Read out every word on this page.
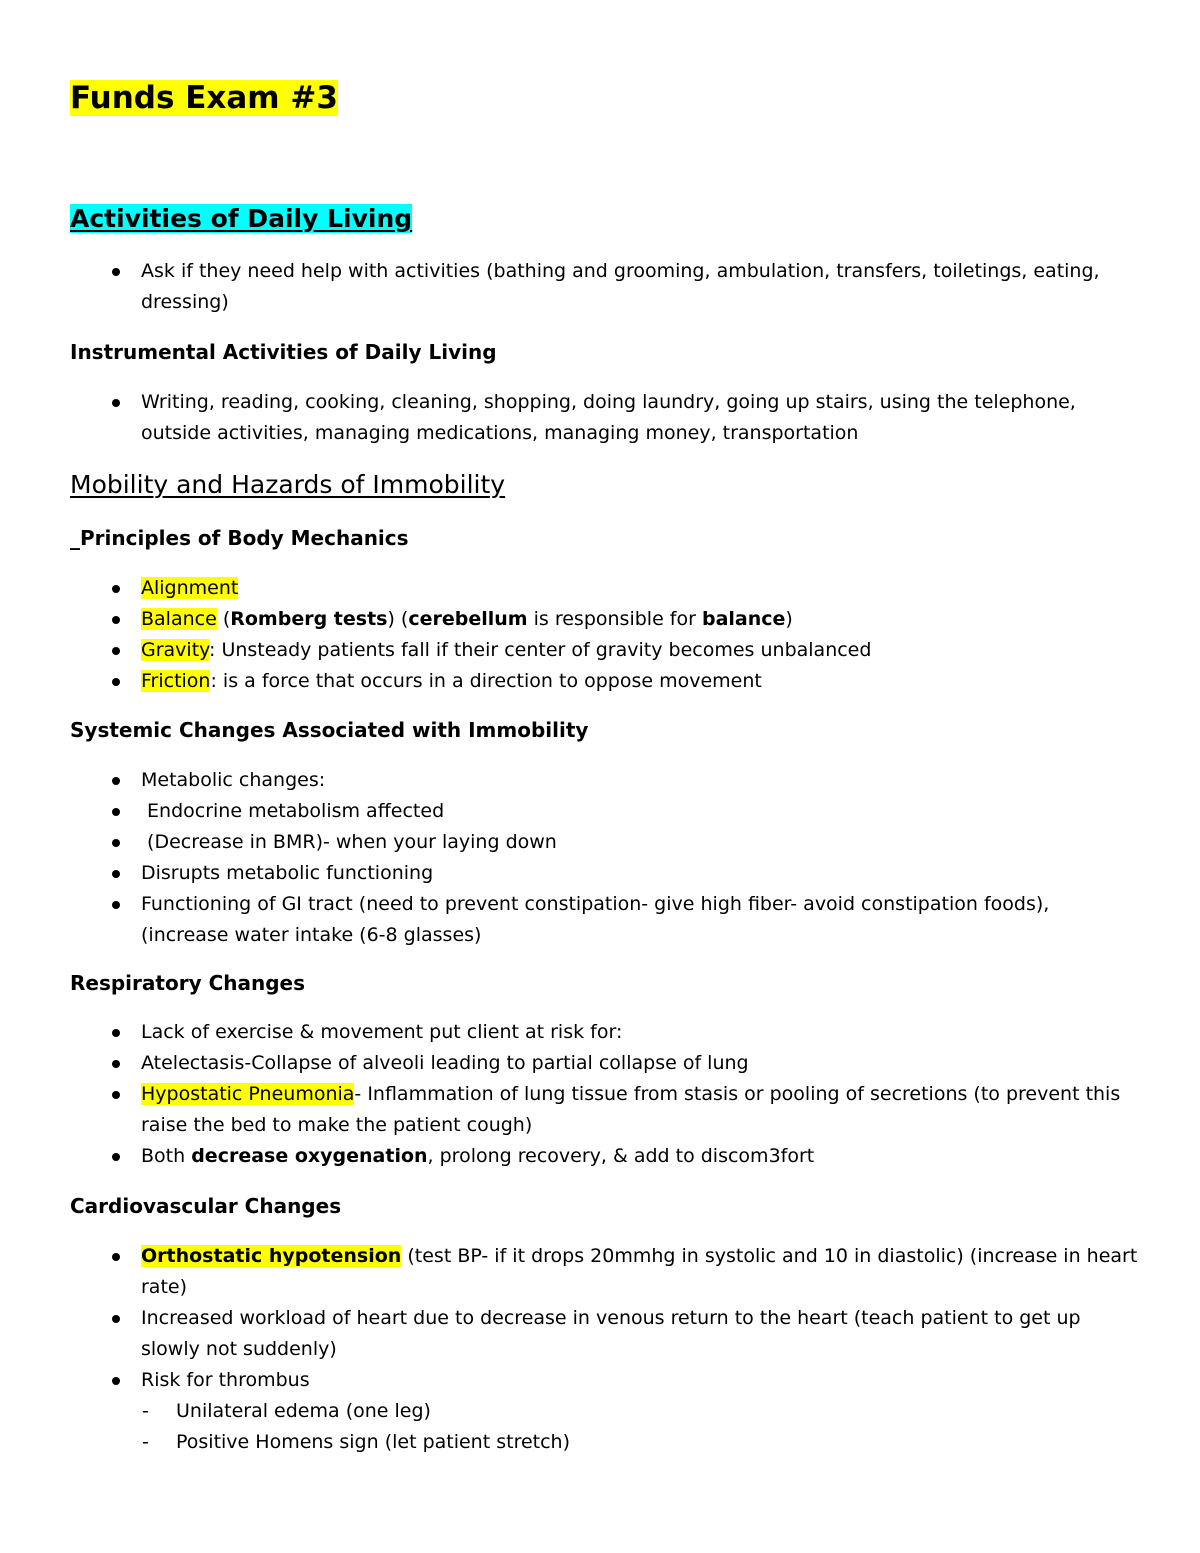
Funds Exam #3
Activities of Daily Living
Ask if they need help with activities (bathing and grooming, ambulation, transfers, toiletings, eating, dressing)
Instrumental Activities of Daily Living
Writing, reading, cooking, cleaning, shopping, doing laundry, going up stairs, using the telephone, outside activities, managing medications, managing money, transportation
Mobility and Hazards of Immobility
_Principles of Body Mechanics
Alignment
Balance (Romberg tests) (cerebellum is responsible for balance)
Gravity: Unsteady patients fall if their center of gravity becomes unbalanced
Friction: is a force that occurs in a direction to oppose movement
Systemic Changes Associated with Immobility
Metabolic changes:
Endocrine metabolism affected
(Decrease in BMR)- when your laying down
Disrupts metabolic functioning
Functioning of GI tract (need to prevent constipation- give high fiber- avoid constipation foods), (increase water intake (6-8 glasses)
Respiratory Changes
Lack of exercise & movement put client at risk for:
Atelectasis-Collapse of alveoli leading to partial collapse of lung
Hypostatic Pneumonia- Inflammation of lung tissue from stasis or pooling of secretions (to prevent this raise the bed to make the patient cough)
Both decrease oxygenation, prolong recovery, & add to discom3fort
Cardiovascular Changes
Orthostatic hypotension (test BP- if it drops 20mmhg in systolic and 10 in diastolic) (increase in heart rate)
Increased workload of heart due to decrease in venous return to the heart (teach patient to get up slowly not suddenly)
Risk for thrombus
- Unilateral edema (one leg)
- Positive Homens sign (let patient stretch)
